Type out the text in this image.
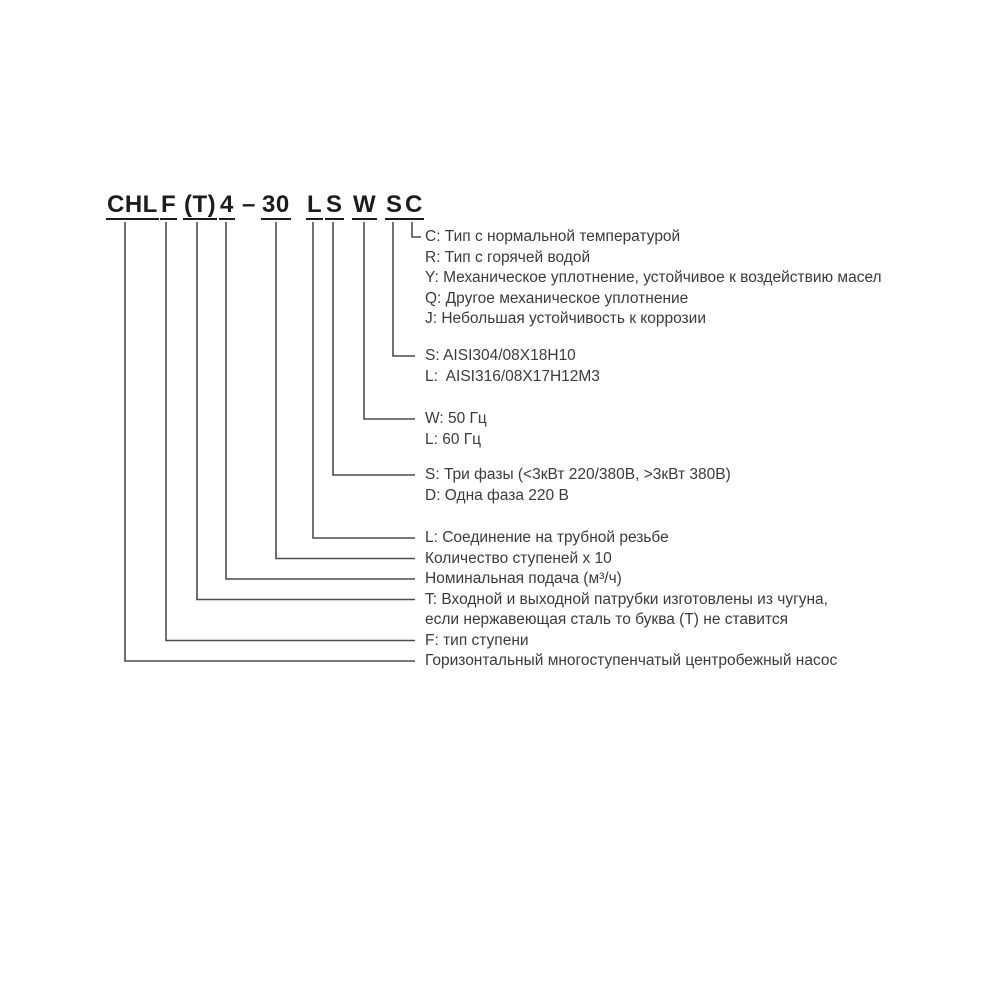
CHL F (T) 4 – 30 L S W S C
C: Тип с нормальной температурой
R: Тип с горячей водой
Y: Механическое уплотнение, устойчивое к воздействию масел
Q: Другое механическое уплотнение
J: Небольшая устойчивость к коррозии
S: AISI304/08X18H10
L:  AISI316/08X17H12M3
W: 50 Гц
L: 60 Гц
S: Три фазы (<3кВт 220/380В, >3кВт 380В)
D: Одна фаза 220 В
L: Соединение на трубной резьбе
Количество ступеней x 10
Номинальная подача (м³/ч)
T: Входной и выходной патрубки изготовлены из чугуна,
если нержавеющая сталь то буква (Т) не ставится
F: тип ступени
Горизонтальный многоступенчатый центробежный насос
